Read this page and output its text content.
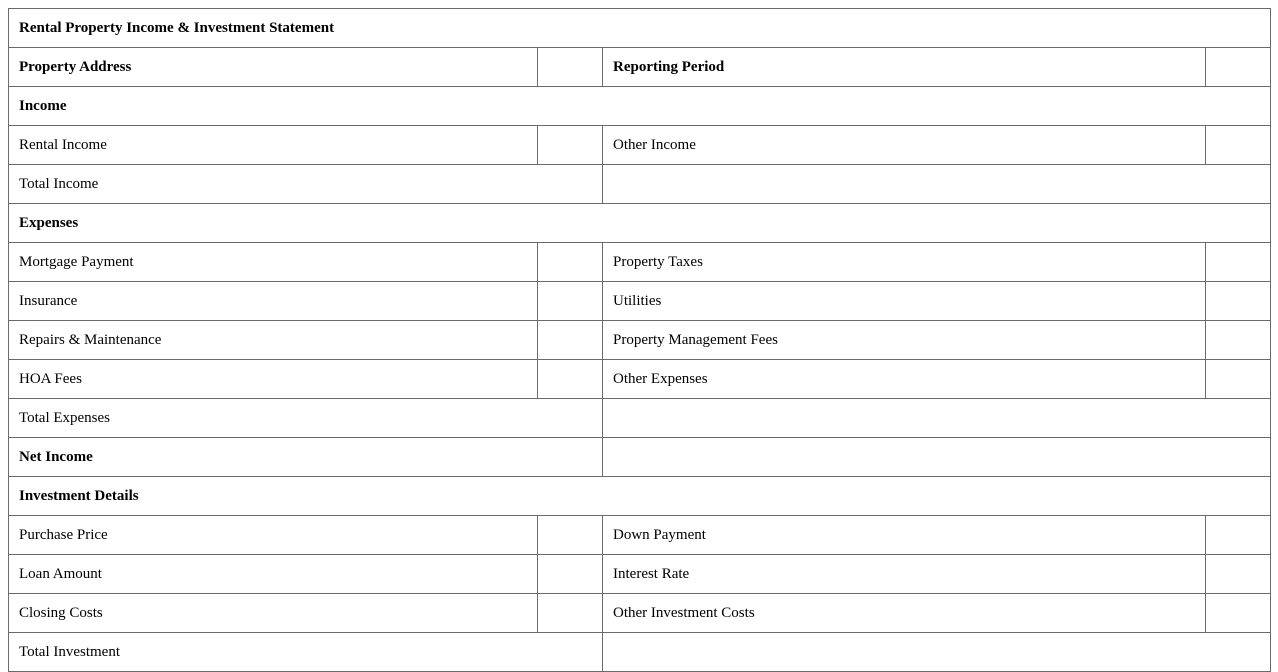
Rental Property Income & Investment Statement			
Property Address		Reporting Period	
Income			
Rental Income		Other Income	
Total Income			
Expenses			
Mortgage Payment		Property Taxes	
Insurance		Utilities	
Repairs & Maintenance		Property Management Fees	
HOA Fees		Other Expenses	
Total Expenses			
Net Income			
Investment Details			
Purchase Price		Down Payment	
Loan Amount		Interest Rate	
Closing Costs		Other Investment Costs	
Total Investment			
